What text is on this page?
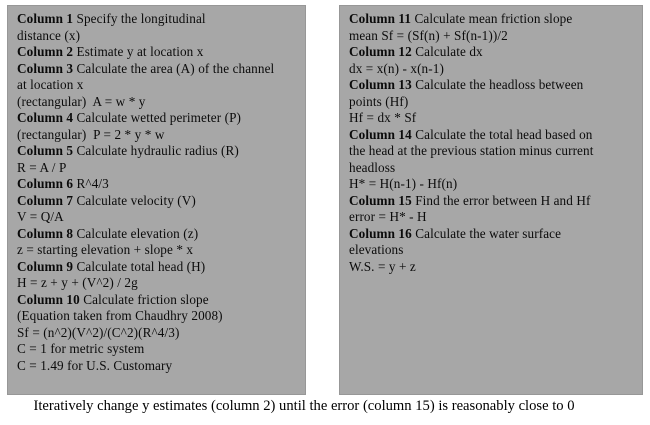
Column 1 Specify the longitudinal
distance (x)
Column 2 Estimate y at location x
Column 3 Calculate the area (A) of the channel
at location x
(rectangular)  A = w * y
Column 4 Calculate wetted perimeter (P)
(rectangular)  P = 2 * y * w
Column 5 Calculate hydraulic radius (R)
R = A / P
Column 6 R^4/3
Column 7 Calculate velocity (V)
V = Q/A
Column 8 Calculate elevation (z)
z = starting elevation + slope * x
Column 9 Calculate total head (H)
H = z + y + (V^2) / 2g
Column 10 Calculate friction slope
(Equation taken from Chaudhry 2008)
Sf = (n^2)(V^2)/(C^2)(R^4/3)
C = 1 for metric system
C = 1.49 for U.S. Customary
Column 11 Calculate mean friction slope
mean Sf = (Sf(n) + Sf(n-1))/2
Column 12 Calculate dx
dx = x(n) - x(n-1)
Column 13 Calculate the headloss between
points (Hf)
Hf = dx * Sf
Column 14 Calculate the total head based on
the head at the previous station minus current
headloss
H* = H(n-1) - Hf(n)
Column 15 Find the error between H and Hf
error = H* - H
Column 16 Calculate the water surface
elevations
W.S. = y + z
Iteratively change y estimates (column 2) until the error (column 15) is reasonably close to 0
